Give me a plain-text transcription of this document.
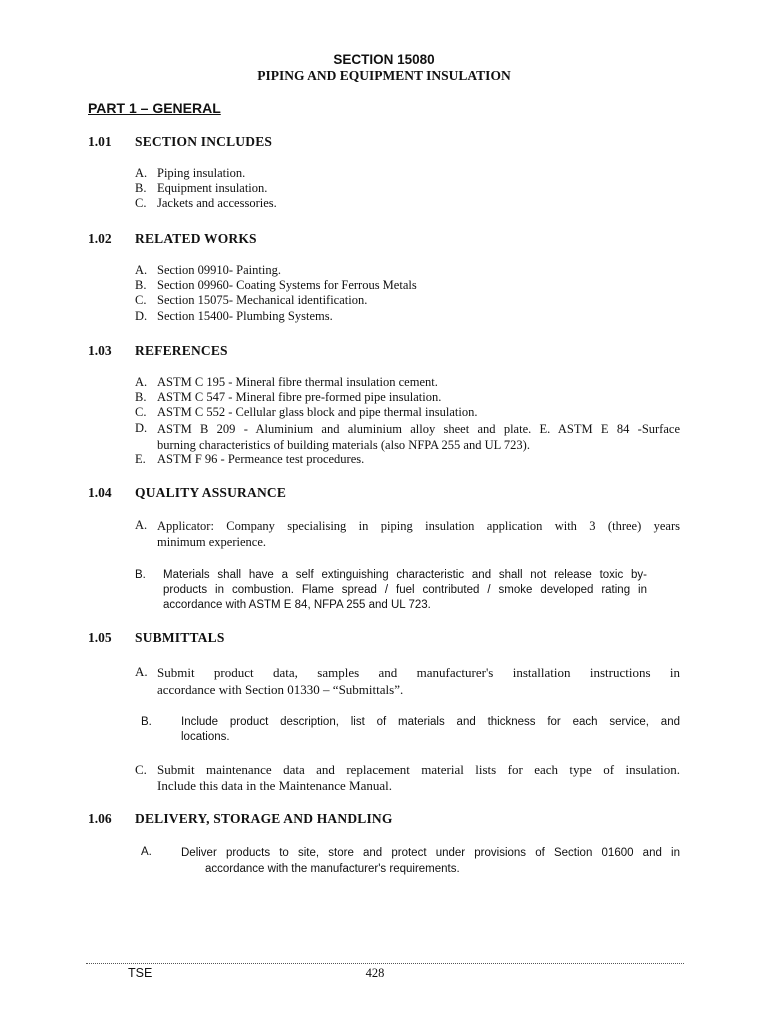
SECTION 15080
PIPING AND EQUIPMENT INSULATION
PART 1 – GENERAL
1.01 SECTION INCLUDES
A. Piping insulation.
B. Equipment insulation.
C. Jackets and accessories.
1.02 RELATED WORKS
A. Section 09910- Painting.
B. Section 09960- Coating Systems for Ferrous Metals
C. Section 15075- Mechanical identification.
D. Section 15400- Plumbing Systems.
1.03 REFERENCES
A. ASTM C 195 - Mineral fibre thermal insulation cement.
B. ASTM C 547 - Mineral fibre pre-formed pipe insulation.
C. ASTM C 552 - Cellular glass block and pipe thermal insulation.
D. ASTM B 209 - Aluminium and aluminium alloy sheet and plate. E. ASTM E 84 -Surface
burning characteristics of building materials (also NFPA 255 and UL 723).
E. ASTM F 96 - Permeance test procedures.
1.04 QUALITY ASSURANCE
A. Applicator: Company specialising in piping insulation application with 3 (three) years
minimum experience.
B.	Materials shall have a self extinguishing characteristic and shall not release toxic by-
products in combustion. Flame spread / fuel contributed / smoke developed rating in
accordance with ASTM E 84, NFPA 255 and UL 723.
1.05 SUBMITTALS
A. Submit product data, samples and manufacturer's installation instructions in
accordance with Section 01330 – “Submittals”.
B.	Include product description, list of materials and thickness for each service, and
locations.
C. Submit maintenance data and replacement material lists for each type of insulation.
Include this data in the Maintenance Manual.
1.06 DELIVERY, STORAGE AND HANDLING
A.	Deliver products to site, store and protect under provisions of Section 01600 and in
accordance with the manufacturer's requirements.
TSE	428
